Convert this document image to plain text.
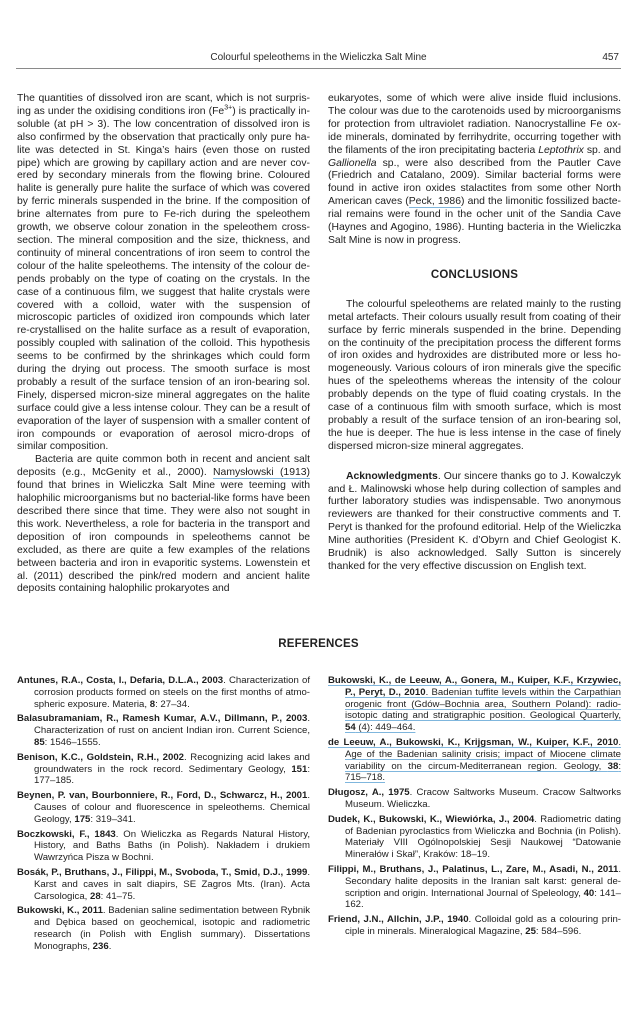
Colourful speleothems in the Wieliczka Salt Mine	457

The quantities of dissolved iron are scant, which is not surprising as under the oxidising conditions iron $(Fe^{3+})$ is practically insoluble (at pH > 3). The low concentration of dissolved iron is also confirmed by the observation that practically only pure halite was detected in St. Kinga’s hairs (even those on rusted pipe) which are growing by capillary action and are never covered by secondary minerals from the flowing brine. Coloured halite is generally pure halite the surface of which was covered by ferric minerals suspended in the brine. If the composition of brine alternates from pure to Fe-rich during the speleothem growth, we observe colour zonation in the speleothem cross-section. The mineral composition and the size, thickness, and continuity of mineral concentrations of iron seem to control the colour of the halite speleothems. The intensity of the colour depends probably on the type of coating on the crystals. In the case of a continuous film, we suggest that halite crystals were covered with a colloid, water with the suspension of microscopic particles of oxidized iron compounds which later re-crystallised on the halite surface as a result of evaporation, possibly coupled with salination of the colloid. This hypothesis seems to be confirmed by the shrinkages which could form during the drying out process. The smooth surface is most probably a result of the surface tension of an iron-bearing sol. Finely, dispersed micron-size mineral aggregates on the halite surface could give a less intense colour. They can be a result of evaporation of the layer of suspension with a smaller content of iron compounds or evaporation of aerosol micro-drops of similar composition.

Bacteria are quite common both in recent and ancient salt deposits (e.g., McGenity et al., 2000). Namysłowski (1913) found that brines in Wieliczka Salt Mine were teeming with halophilic microorganisms but no bacterial-like forms have been described there since that time. They were also not sought in this work. Nevertheless, a role for bacteria in the transport and deposition of iron compounds in speleothems cannot be excluded, as there are quite a few examples of the relations between bacteria and iron in evaporitic systems. Lowenstein et al. (2011) described the pink/red modern and ancient halite deposits containing halophilic prokaryotes and

eukaryotes, some of which were alive inside fluid inclusions. The colour was due to the carotenoids used by microorganisms for protection from ultraviolet radiation. Nanocrystalline Fe oxide minerals, dominated by ferrihydrite, occurring together with the filaments of the iron precipitating bacteria Leptothrix sp. and Gallionella sp., were also described from the Pautler Cave (Friedrich and Catalano, 2009). Similar bacterial forms were found in active iron oxides stalactites from some other North American caves (Peck, 1986) and the limonitic fossilized bacterial remains were found in the ocher unit of the Sandia Cave (Haynes and Agogino, 1986). Hunting bacteria in the Wieliczka Salt Mine is now in progress.

CONCLUSIONS

The colourful speleothems are related mainly to the rusting metal artefacts. Their colours usually result from coating of their surface by ferric minerals suspended in the brine. Depending on the continuity of the precipitation process the different forms of iron oxides and hydroxides are distributed more or less homogeneously. Various colours of iron minerals give the specific hues of the speleothems whereas the intensity of the colour probably depends on the type of fluid coating crystals. In the case of a continuous film with smooth surface, which is most probably a result of the surface tension of an iron-bearing sol, the hue is deeper. The hue is less intense in the case of finely dispersed micron-size mineral aggregates.

Acknowledgments. Our sincere thanks go to J. Kowalczyk and Ł. Malinowski whose help during collection of samples and further laboratory studies was indispensable. Two anonymous reviewers are thanked for their constructive comments and T. Peryt is thanked for the profound editorial. Help of the Wieliczka Mine authorities (President K. d’Obyrn and Chief Geologist K. Brudnik) is also acknowledged. Sally Sutton is sincerely thanked for the very effective discussion on English text.

REFERENCES

Antunes, R.A., Costa, I., Defaria, D.L.A., 2003. Characterization of corrosion products formed on steels on the first months of atmospheric exposure. Materia, 8: 27–34.

Balasubramaniam, R., Ramesh Kumar, A.V., Dillmann, P., 2003. Characterization of rust on ancient Indian iron. Current Science, 85: 1546–1555.

Benison, K.C., Goldstein, R.H., 2002. Recognizing acid lakes and groundwaters in the rock record. Sedimentary Geology, 151: 177–185.

Beynen, P. van, Bourbonniere, R., Ford, D., Schwarcz, H., 2001. Causes of colour and fluorescence in speleothems. Chemical Geology, 175: 319–341.

Boczkowski, F., 1843. On Wieliczka as Regards Natural History, History, and Baths Baths (in Polish). Nakładem i drukiem Wawrzyńca Pisza w Bochni.

Bosák, P., Bruthans, J., Filippi, M., Svoboda, T., Smid, D.J., 1999. Karst and caves in salt diapirs, SE Zagros Mts. (Iran). Acta Carsologica, 28: 41–75.

Bukowski, K., 2011. Badenian saline sedimentation between Rybnik and Dębica based on geochemical, isotopic and radiometric research (in Polish with English summary). Dissertations Monographs, 236.

Bukowski, K., de Leeuw, A., Gonera, M., Kuiper, K.F., Krzywiec, P., Peryt, D., 2010. Badenian tuffite levels within the Carpathian orogenic front (Gdów–Bochnia area, Southern Poland): radioisotopic dating and stratigraphic position. Geological Quarterly, 54 (4): 449–464.

de Leeuw, A., Bukowski, K., Krijgsman, W., Kuiper, K.F., 2010. Age of the Badenian salinity crisis; impact of Miocene climate variability on the circum-Mediterranean region. Geology, 38: 715–718.

Długosz, A., 1975. Cracow Saltworks Museum. Cracow Saltworks Museum. Wieliczka.

Dudek, K., Bukowski, K., Wiewiórka, J., 2004. Radiometric dating of Badenian pyroclastics from Wieliczka and Bochnia (in Polish). Materiały VIII Ogólnopolskiej Sesji Naukowej “Datowanie Minerałów i Skał”, Kraków: 18–19.

Filippi, M., Bruthans, J., Palatinus, L., Zare, M., Asadi, N., 2011. Secondary halite deposits in the Iranian salt karst: general description and origin. International Journal of Speleology, 40: 141–162.

Friend, J.N., Allchin, J.P., 1940. Colloidal gold as a colouring principle in minerals. Mineralogical Magazine, 25: 584–596.
